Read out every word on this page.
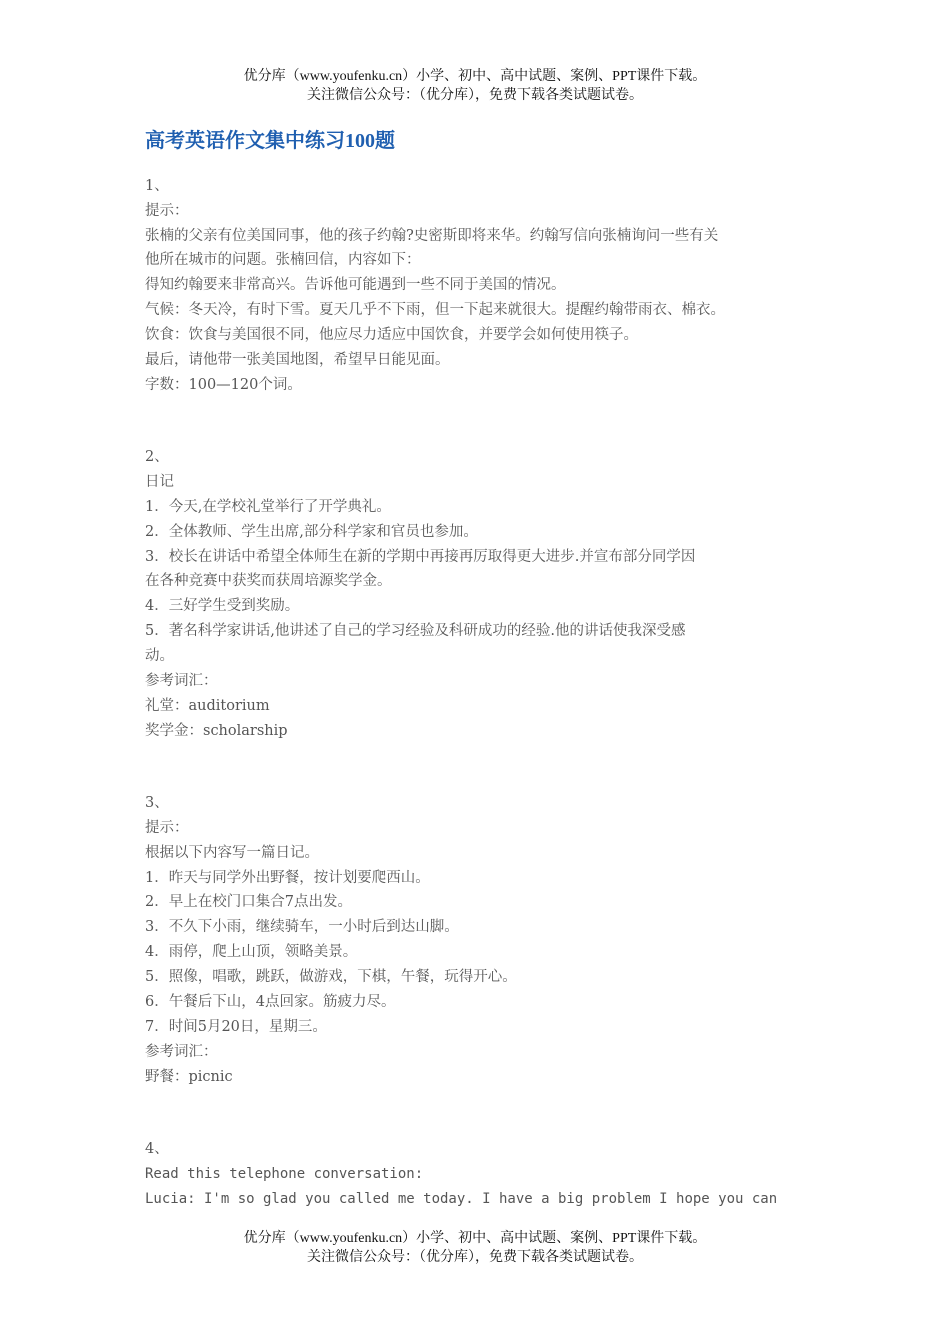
优分库（www.youfenku.cn）小学、初中、高中试题、案例、PPT课件下载。
关注微信公众号：（优分库），免费下载各类试题试卷。
高考英语作文集中练习100题
1、
提示：
张楠的父亲有位美国同事，他的孩子约翰?史密斯即将来华。约翰写信向张楠询问一些有关
他所在城市的问题。张楠回信，内容如下：
得知约翰要来非常高兴。告诉他可能遇到一些不同于美国的情况。
气候：冬天冷，有时下雪。夏天几乎不下雨，但一下起来就很大。提醒约翰带雨衣、棉衣。
饮食：饮食与美国很不同，他应尽力适应中国饮食，并要学会如何使用筷子。
最后，请他带一张美国地图，希望早日能见面。
字数：100—120个词。
2、
日记
1．今天,在学校礼堂举行了开学典礼。
2．全体教师、学生出席,部分科学家和官员也参加。
3．校长在讲话中希望全体师生在新的学期中再接再厉取得更大进步.并宣布部分同学因
在各种竞赛中获奖而获周培源奖学金。
4．三好学生受到奖励。
5．著名科学家讲话,他讲述了自己的学习经验及科研成功的经验.他的讲话使我深受感
动。
参考词汇：
礼堂：auditorium
奖学金：scholarship
3、
提示：
根据以下内容写一篇日记。
1．昨天与同学外出野餐，按计划要爬西山。
2．早上在校门口集合7点出发。
3．不久下小雨，继续骑车，一小时后到达山脚。
4．雨停，爬上山顶，领略美景。
5．照像，唱歌，跳跃，做游戏，下棋，午餐，玩得开心。
6．午餐后下山，4点回家。筋疲力尽。
7．时间5月20日，星期三。
参考词汇：
野餐：picnic
4、
Read this telephone conversation:
Lucia: I'm so glad you called me today. I have a big problem I hope you can
优分库（www.youfenku.cn）小学、初中、高中试题、案例、PPT课件下载。
关注微信公众号：（优分库），免费下载各类试题试卷。
